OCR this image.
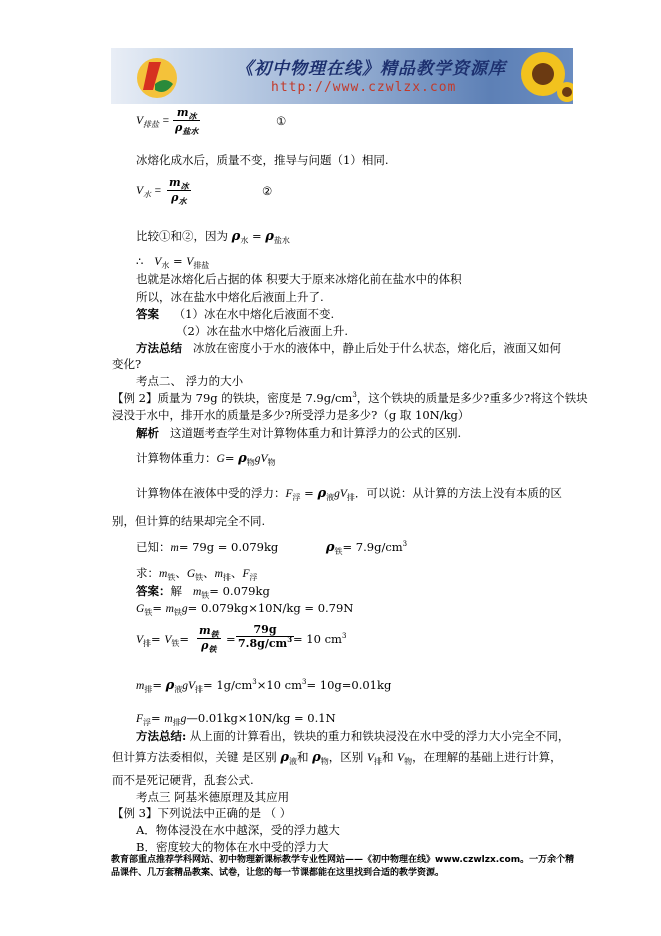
《初中物理在线》精品教学资源库
http://www.czwlzx.com
$V_{排盐}$ =
$m_冰$
$\rho_{盐水}$
①
冰熔化成水后，质量不变，推导与问题（1）相同.
$V_水$ =
$m_冰$
$\rho_水$
②
比较①和②，因为 $\rho_水 = \rho_{盐水}$
∴ $V_水 = V_{排盐}$
也就是冰熔化后占据的体 积要大于原来冰熔化前在盐水中的体积
所以，冰在盐水中熔化后液面上升了.
答案 （1）冰在水中熔化后液面不变.
（2）冰在盐水中熔化后液面上升.
方法总结 冰放在密度小于水的液体中，静止后处于什么状态，熔化后，液面又如何
变化?
考点二、 浮力的大小
【例 2】质量为 79g 的铁块，密度是 $7.9g/cm^3$，这个铁块的质量是多少?重多少?将这个铁块
浸没于水中，排开水的质量是多少?所受浮力是多少?（g 取 10N/kg）
解析 这道题考查学生对计算物体重力和计算浮力的公式的区别.
计算物体重力：$G= \rho_物gV_物$
计算物体在液体中受的浮力：$F_浮 = \rho_液gV_排$．可以说：从计算的方法上没有本质的区
别，但计算的结果却完全不同.
已知：m= 79g = 0.079kg	$\rho_铁= 7.9g/cm^3$
求：$m_铁$、$G_铁$、$m_排$、$F_浮$
答案：解 $m_铁= 0.079kg$
$G_铁= m_铁g= 0.079kg\times 10N/kg = 0.79N$
$V_排= V_铁=$
$m_铁$
$\rho_铁$
=
79g
$7.8g/cm^3 = 10$ $cm^3$
$m_排= \rho_液gV_排= 1g/cm^3\times 10$ $cm^3= 10g=0.01kg$
$F_浮=$ $m_排g—0.01kg\times 10N/kg = 0.1N$
方法总结: 从上面的计算看出，铁块的重力和铁块浸没在水中受的浮力大小完全不同，
但计算方法委相似，关键 是区别 $\rho_液$和 $\rho_物$，区别 $V_排$和 $V_物$，在理解的基础上进行计算，
而不是死记硬背，乱套公式.
考点三 阿基米德原理及其应用
【例 3】下列说法中正确的是 （ ）
A．物体浸没在水中越深，受的浮力越大
B．密度较大的物体在水中受的浮力大
教育部重点推荐学科网站、初中物理新课标教学专业性网站——《初中物理在线》www.czwlzx.com。一万余个精品课件、几万套精品教案、试卷，让您的每一节课都能在这里找到合适的教学资源。
